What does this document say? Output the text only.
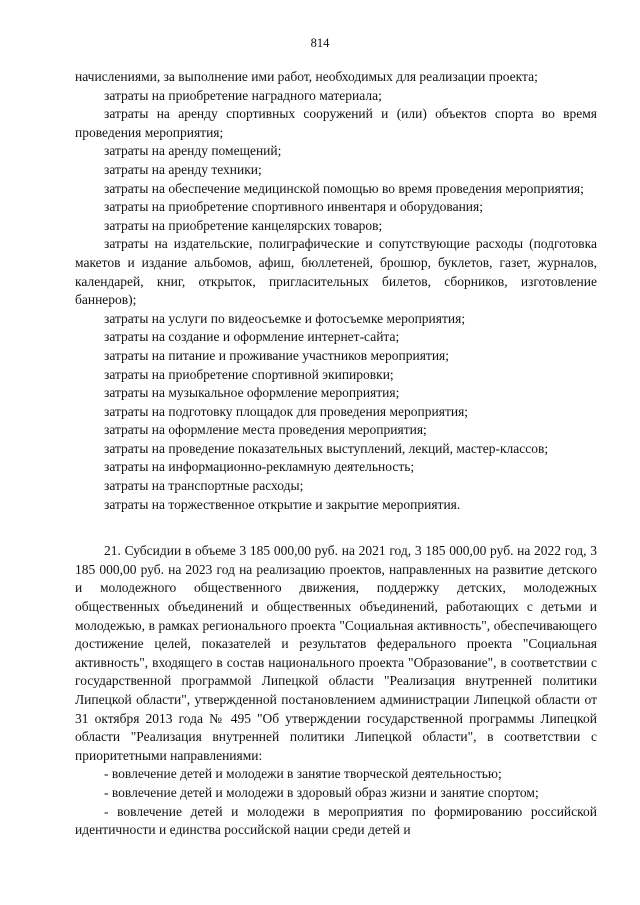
814

начислениями, за выполнение ими работ, необходимых для реализации проекта;

затраты на приобретение наградного материала;

затраты на аренду спортивных сооружений и (или) объектов спорта во время проведения мероприятия;

затраты на аренду помещений;

затраты на аренду техники;

затраты на обеспечение медицинской помощью во время проведения мероприятия;

затраты на приобретение спортивного инвентаря и оборудования;

затраты на приобретение канцелярских товаров;

затраты на издательские, полиграфические и сопутствующие расходы (подготовка макетов и издание альбомов, афиш, бюллетеней, брошюр, буклетов, газет, журналов, календарей, книг, открыток, пригласительных билетов, сборников, изготовление баннеров);

затраты на услуги по видеосъемке и фотосъемке мероприятия;

затраты на создание и оформление интернет-сайта;

затраты на питание и проживание участников мероприятия;

затраты на приобретение спортивной экипировки;

затраты на музыкальное оформление мероприятия;

затраты на подготовку площадок для проведения мероприятия;

затраты на оформление места проведения мероприятия;

затраты на проведение показательных выступлений, лекций, мастер-классов;

затраты на информационно-рекламную деятельность;

затраты на транспортные расходы;

затраты на торжественное открытие и закрытие мероприятия.

21. Субсидии в объеме 3 185 000,00 руб. на 2021 год, 3 185 000,00 руб. на 2022 год, 3 185 000,00 руб. на 2023 год на реализацию проектов, направленных на развитие детского и молодежного общественного движения, поддержку детских, молодежных общественных объединений и общественных объединений, работающих с детьми и молодежью, в рамках регионального проекта "Социальная активность", обеспечивающего достижение целей, показателей и результатов федерального проекта "Социальная активность", входящего в состав национального проекта "Образование", в соответствии с государственной программой Липецкой области "Реализация внутренней политики Липецкой области", утвержденной постановлением администрации Липецкой области от 31 октября 2013 года № 495 "Об утверждении государственной программы Липецкой области "Реализация внутренней политики Липецкой области", в соответствии с приоритетными направлениями:

- вовлечение детей и молодежи в занятие творческой деятельностью;

- вовлечение детей и молодежи в здоровый образ жизни и занятие спортом;

- вовлечение детей и молодежи в мероприятия по формированию российской идентичности и единства российской нации среди детей и
